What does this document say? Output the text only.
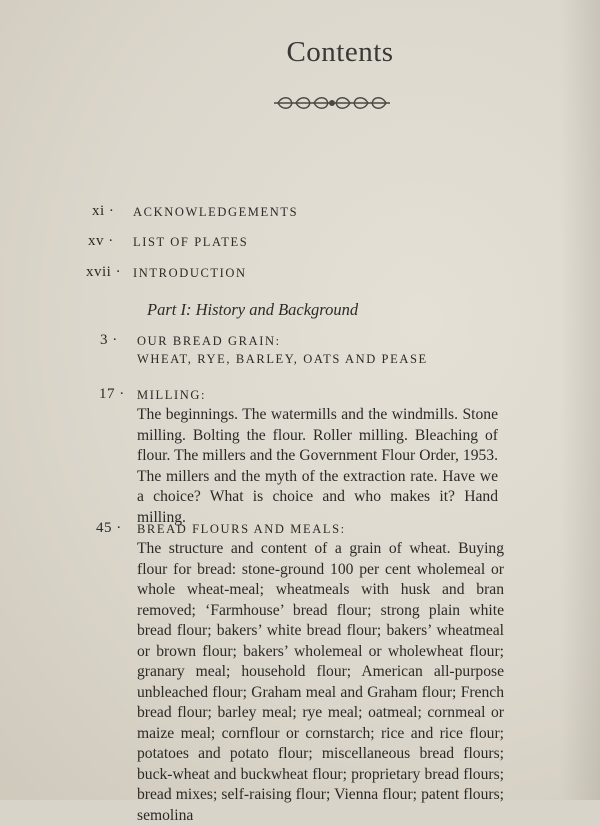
Contents
xi · ACKNOWLEDGEMENTS
xv · LIST OF PLATES
xvii · INTRODUCTION
Part I: History and Background
3 · OUR BREAD GRAIN:
WHEAT, RYE, BARLEY, OATS AND PEASE
17 · MILLING:

The beginnings. The watermills and the windmills. Stone milling. Bolting the flour. Roller milling. Bleaching of flour. The millers and the Government Flour Order, 1953. The millers and the myth of the extraction rate. Have we a choice? What is choice and who makes it? Hand milling.

45 · BREAD FLOURS AND MEALS:

The structure and content of a grain of wheat. Buying flour for bread: stone-ground 100 per cent wholemeal or whole wheat-meal; wheatmeals with husk and bran removed; ‘Farmhouse’ bread flour; strong plain white bread flour; bakers’ white bread flour; bakers’ wheatmeal or brown flour; bakers’ wholemeal or wholewheat flour; granary meal; household flour; American all-purpose unbleached flour; Graham meal and Graham flour; French bread flour; barley meal; rye meal; oatmeal; cornmeal or maize meal; cornflour or cornstarch; rice and rice flour; potatoes and potato flour; miscellaneous bread flours; buck-wheat and buckwheat flour; proprietary bread flours; bread mixes; self-raising flour; Vienna flour; patent flours; semolina
